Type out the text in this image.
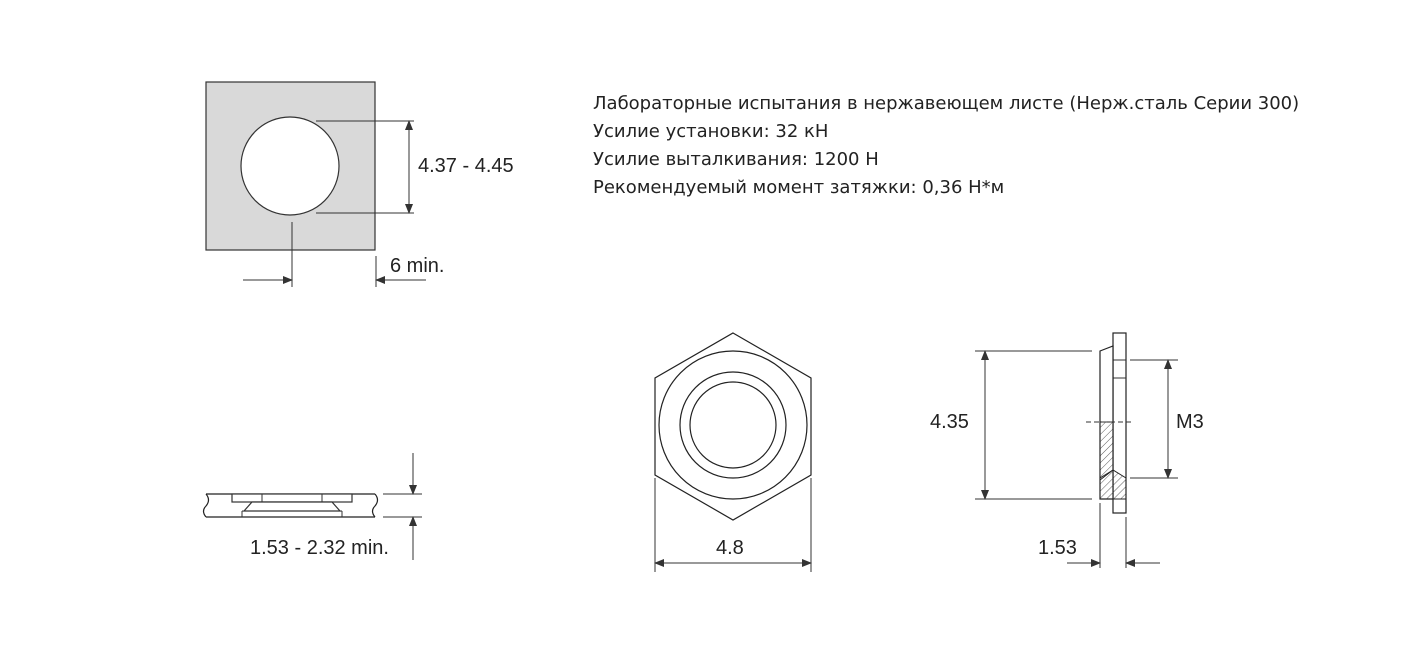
4.37 - 4.45
6 min.
1.53 - 2.32 min.	4.8
4.35	M3
1.53
Лабораторные испытания в нержавеющем листе (Нерж.сталь Серии 300)
Усилие установки: 32 кН
Усилие выталкивания: 1200 Н
Рекомендуемый момент затяжки: 0,36 Н*м
